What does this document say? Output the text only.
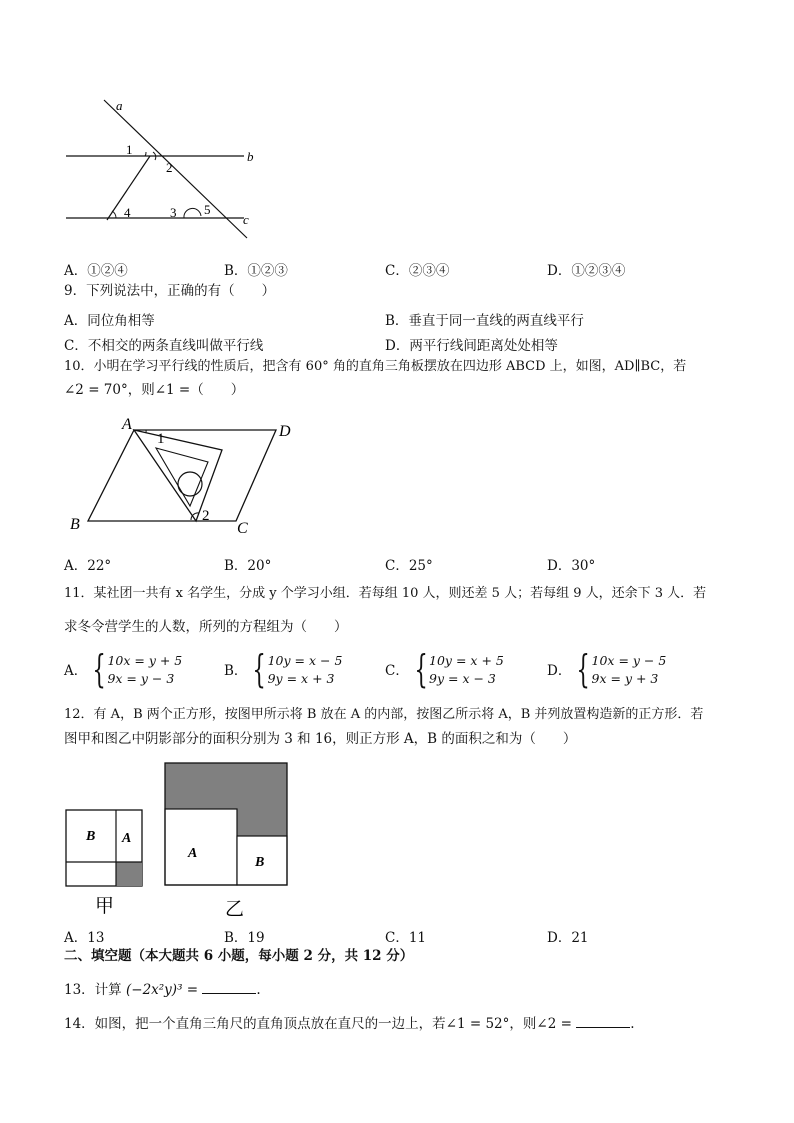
a
b
c
1
2
3
4	5
A．①②④	B．①②③	C．②③④	D．①②③④
9．下列说法中，正确的有（　　）
A．同位角相等	B．垂直于同一直线的两直线平行
C．不相交的两条直线叫做平行线	D．两平行线间距离处处相等
10．小明在学习平行线的性质后，把含有 60° 角的直角三角板摆放在四边形 ABCD 上，如图，AD∥BC，若
∠2 = 70°，则∠1 =（　　）
A	D
B	C
1
2
A．22°	B．20°	C．25°	D．30°
11．某社团一共有 x 名学生，分成 y 个学习小组．若每组 10 人，则还差 5 人；若每组 9 人，还余下 3 人．若
求冬令营学生的人数，所列的方程组为（　　）
A． { 10x = y + 5
9x = y − 3	B． { 10y = x − 5
9y = x + 3	C． { 10y = x + 5
9y = x − 3	D． { 10x = y − 5
9x = y + 3
12．有 A，B 两个正方形，按图甲所示将 B 放在 A 的内部，按图乙所示将 A，B 并列放置构造新的正方形．若
图甲和图乙中阴影部分的面积分别为 3 和 16，则正方形 A，B 的面积之和为（　　）
B A
甲
A
B
乙
A．13	B．19	C．11	D．21
二、填空题（本大题共 6 小题，每小题 2 分，共 12 分）
13．计算 (−2x²y)³ =	.
14．如图，把一个直角三角尺的直角顶点放在直尺的一边上，若∠1 = 52°，则∠2 =	.
